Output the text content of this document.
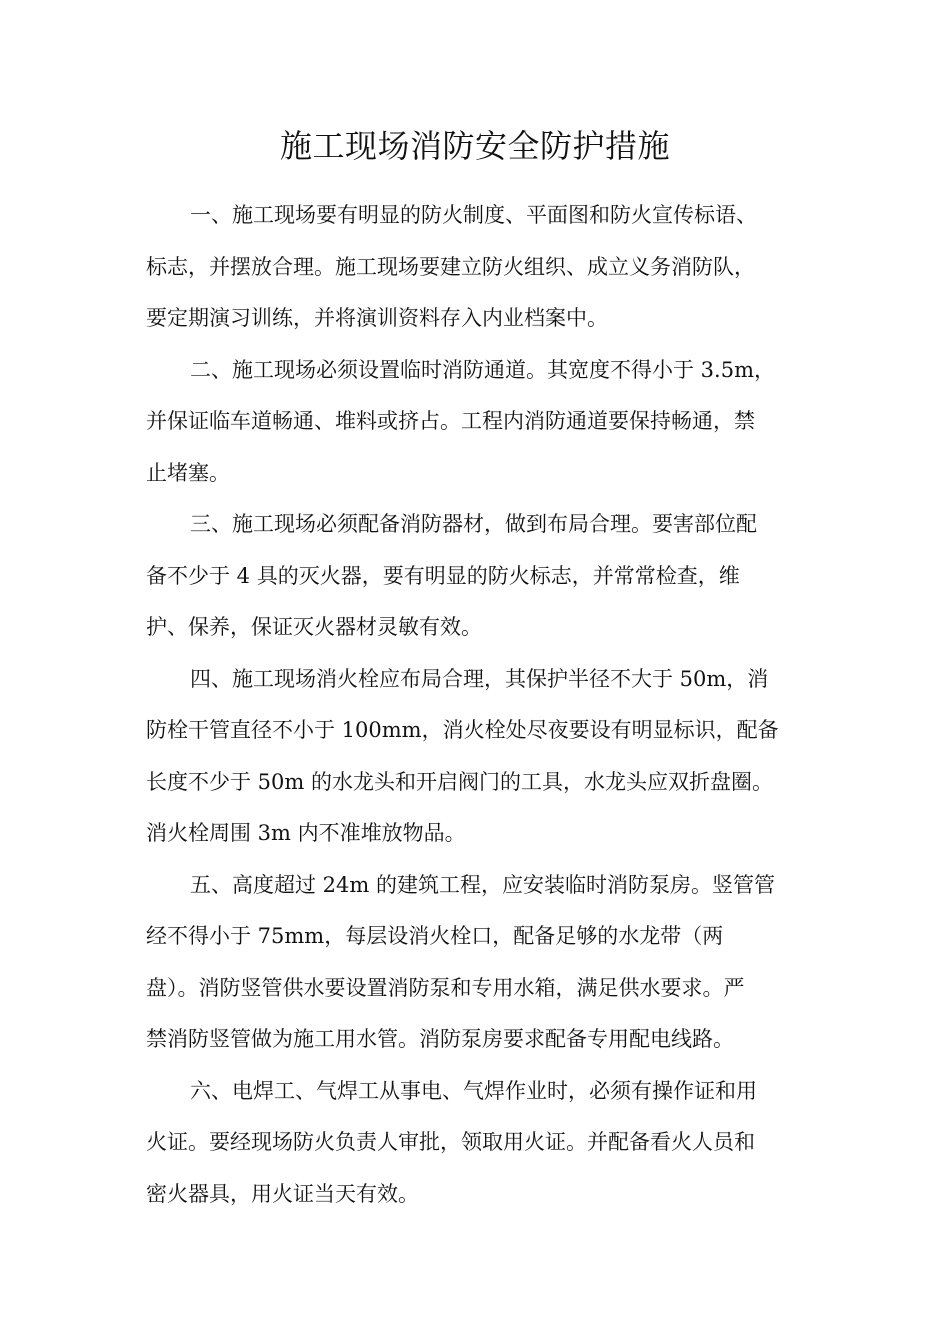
施工现场消防安全防护措施

一、施工现场要有明显的防火制度、平面图和防火宣传标语、
标志，并摆放合理。施工现场要建立防火组织、成立义务消防队，
要定期演习训练，并将演训资料存入内业档案中。

二、施工现场必须设置临时消防通道。其宽度不得小于 3.5m，
并保证临车道畅通、堆料或挤占。工程内消防通道要保持畅通，禁
止堵塞。

三、施工现场必须配备消防器材，做到布局合理。要害部位配
备不少于 4 具的灭火器，要有明显的防火标志，并常常检查，维
护、保养，保证灭火器材灵敏有效。

四、施工现场消火栓应布局合理，其保护半径不大于 50m，消
防栓干管直径不小于 100mm，消火栓处尽夜要设有明显标识，配备
长度不少于 50m 的水龙头和开启阀门的工具，水龙头应双折盘圈。
消火栓周围 3m 内不准堆放物品。

五、高度超过 24m 的建筑工程，应安装临时消防泵房。竖管管
经不得小于 75mm，每层设消火栓口，配备足够的水龙带（两
盘）。消防竖管供水要设置消防泵和专用水箱，满足供水要求。严
禁消防竖管做为施工用水管。消防泵房要求配备专用配电线路。

六、电焊工、气焊工从事电、气焊作业时，必须有操作证和用
火证。要经现场防火负责人审批，领取用火证。并配备看火人员和
密火器具，用火证当天有效。
